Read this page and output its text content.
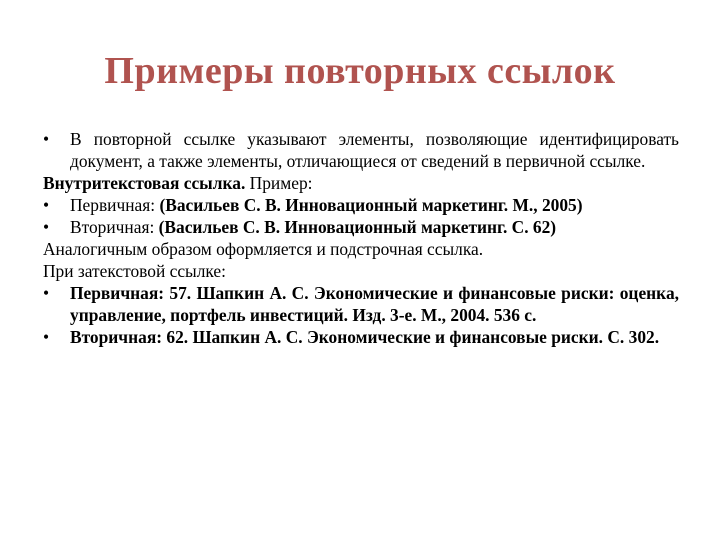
Примеры повторных ссылок
•	В повторной ссылке указывают элементы, позволяющие идентифицировать документ, а также элементы, отличающиеся от сведений в первичной ссылке.
Внутритекстовая ссылка. Пример:
•	Первичная: (Васильев С. В. Инновационный маркетинг. М., 2005)
•	Вторичная: (Васильев С. В. Инновационный маркетинг. С. 62)
Аналогичным образом оформляется и подстрочная ссылка.
При затекстовой ссылке:
•	Первичная: 57. Шапкин А. С. Экономические и финансовые риски: оценка, управление, портфель инвестиций. Изд. 3-е. М., 2004. 536 с.
•	Вторичная: 62. Шапкин А. С. Экономические и финансовые риски. С. 302.
